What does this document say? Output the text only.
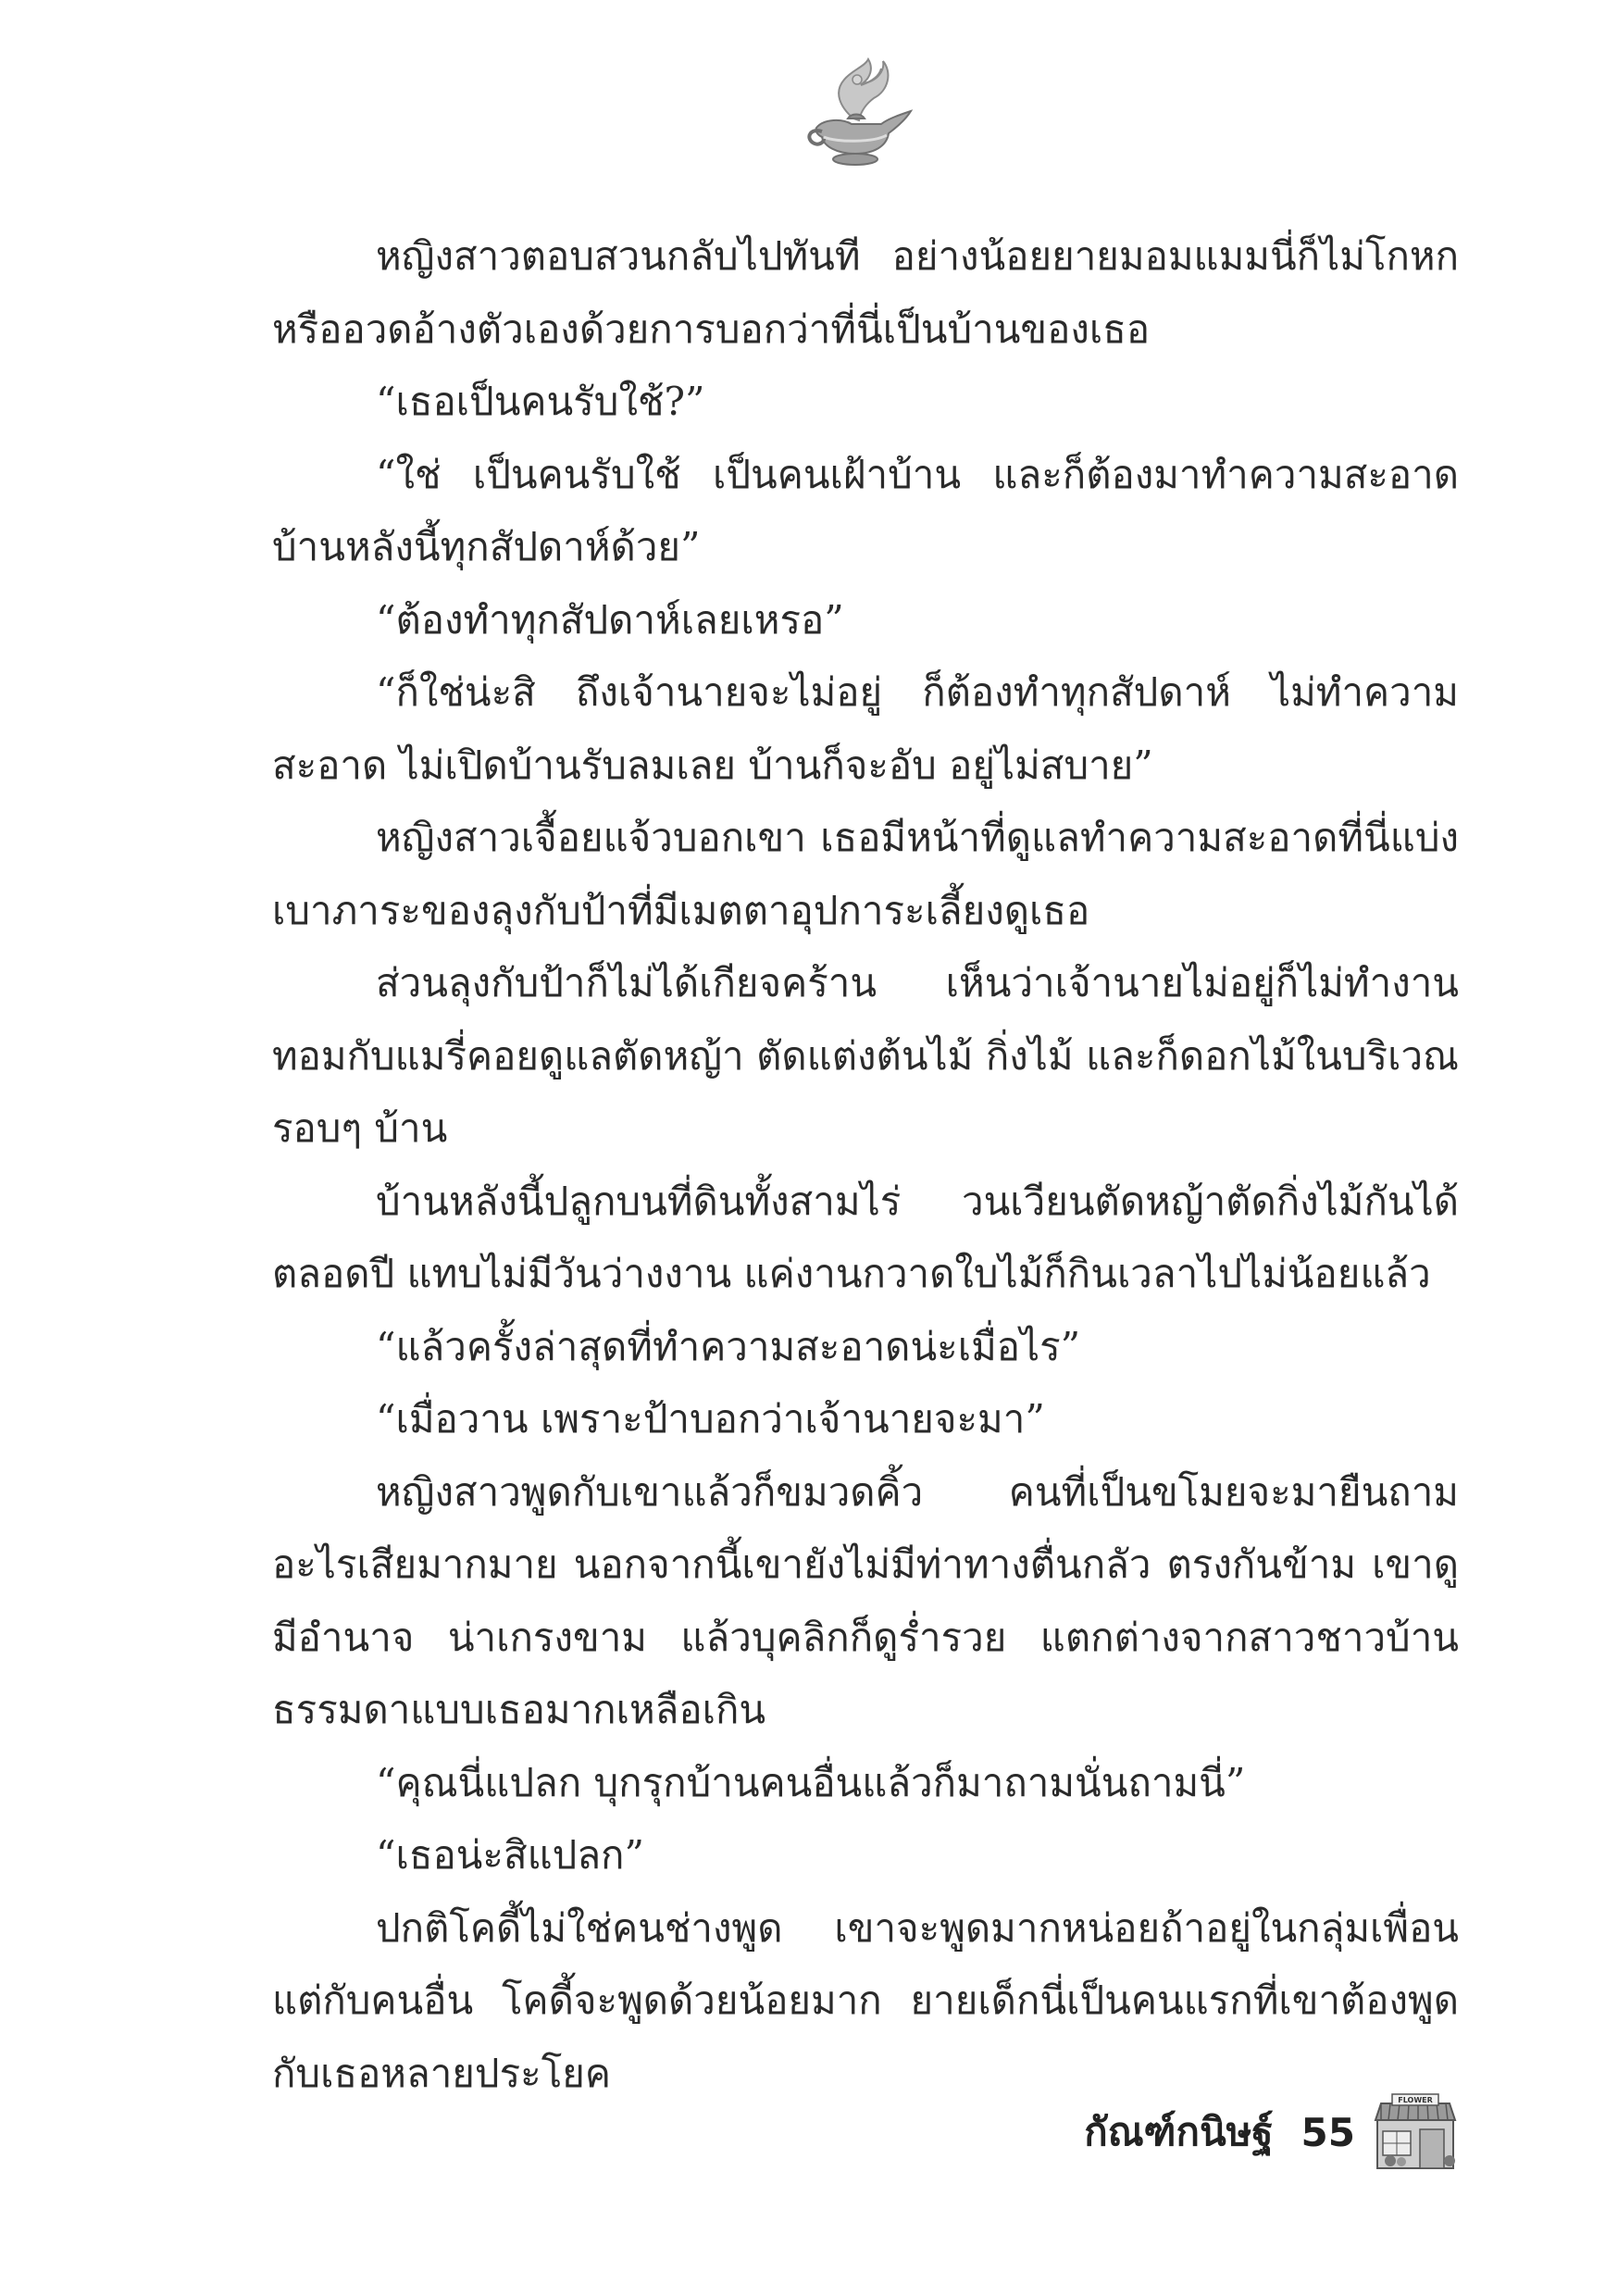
หญิงสาวตอบสวนกลับไปทันที อย่างน้อยยายมอมแมมนี่ก็ไม่โกหก หรืออวดอ้างตัวเองด้วยการบอกว่าที่นี่เป็นบ้านของเธอ

“เธอเป็นคนรับใช้?”

“ใช่ เป็นคนรับใช้ เป็นคนเฝ้าบ้าน และก็ต้องมาทำความสะอาดบ้านหลังนี้ทุกสัปดาห์ด้วย”

“ต้องทำทุกสัปดาห์เลยเหรอ”

“ก็ใช่น่ะสิ ถึงเจ้านายจะไม่อยู่ ก็ต้องทำทุกสัปดาห์ ไม่ทำความสะอาด ไม่เปิดบ้านรับลมเลย บ้านก็จะอับ อยู่ไม่สบาย”

หญิงสาวเจื้อยแจ้วบอกเขา เธอมีหน้าที่ดูแลทำความสะอาดที่นี่แบ่งเบาภาระของลุงกับป้าที่มีเมตตาอุปการะเลี้ยงดูเธอ

ส่วนลุงกับป้าก็ไม่ได้เกียจคร้าน เห็นว่าเจ้านายไม่อยู่ก็ไม่ทำงานทอมกับแมรี่คอยดูแลตัดหญ้า ตัดแต่งต้นไม้ กิ่งไม้ และก็ดอกไม้ในบริเวณรอบๆ บ้าน

บ้านหลังนี้ปลูกบนที่ดินทั้งสามไร่ วนเวียนตัดหญ้าตัดกิ่งไม้กันได้ตลอดปี แทบไม่มีวันว่างงาน แค่งานกวาดใบไม้ก็กินเวลาไปไม่น้อยแล้ว

“แล้วครั้งล่าสุดที่ทำความสะอาดน่ะเมื่อไร”

“เมื่อวาน เพราะป้าบอกว่าเจ้านายจะมา”

หญิงสาวพูดกับเขาแล้วก็ขมวดคิ้ว คนที่เป็นขโมยจะมายืนถามอะไรเสียมากมาย นอกจากนี้เขายังไม่มีท่าทางตื่นกลัว ตรงกันข้าม เขาดูมีอำนาจ น่าเกรงขาม แล้วบุคลิกก็ดูร่ำรวย แตกต่างจากสาวชาวบ้านธรรมดาแบบเธอมากเหลือเกิน

“คุณนี่แปลก บุกรุกบ้านคนอื่นแล้วก็มาถามนั่นถามนี่”

“เธอน่ะสิแปลก”

ปกติโคดี้ไม่ใช่คนช่างพูด เขาจะพูดมากหน่อยถ้าอยู่ในกลุ่มเพื่อนแต่กับคนอื่น โคดี้จะพูดด้วยน้อยมาก ยายเด็กนี่เป็นคนแรกที่เขาต้องพูดกับเธอหลายประโยค

กัณฑ์กนิษฐ์ 55
FLOWER
